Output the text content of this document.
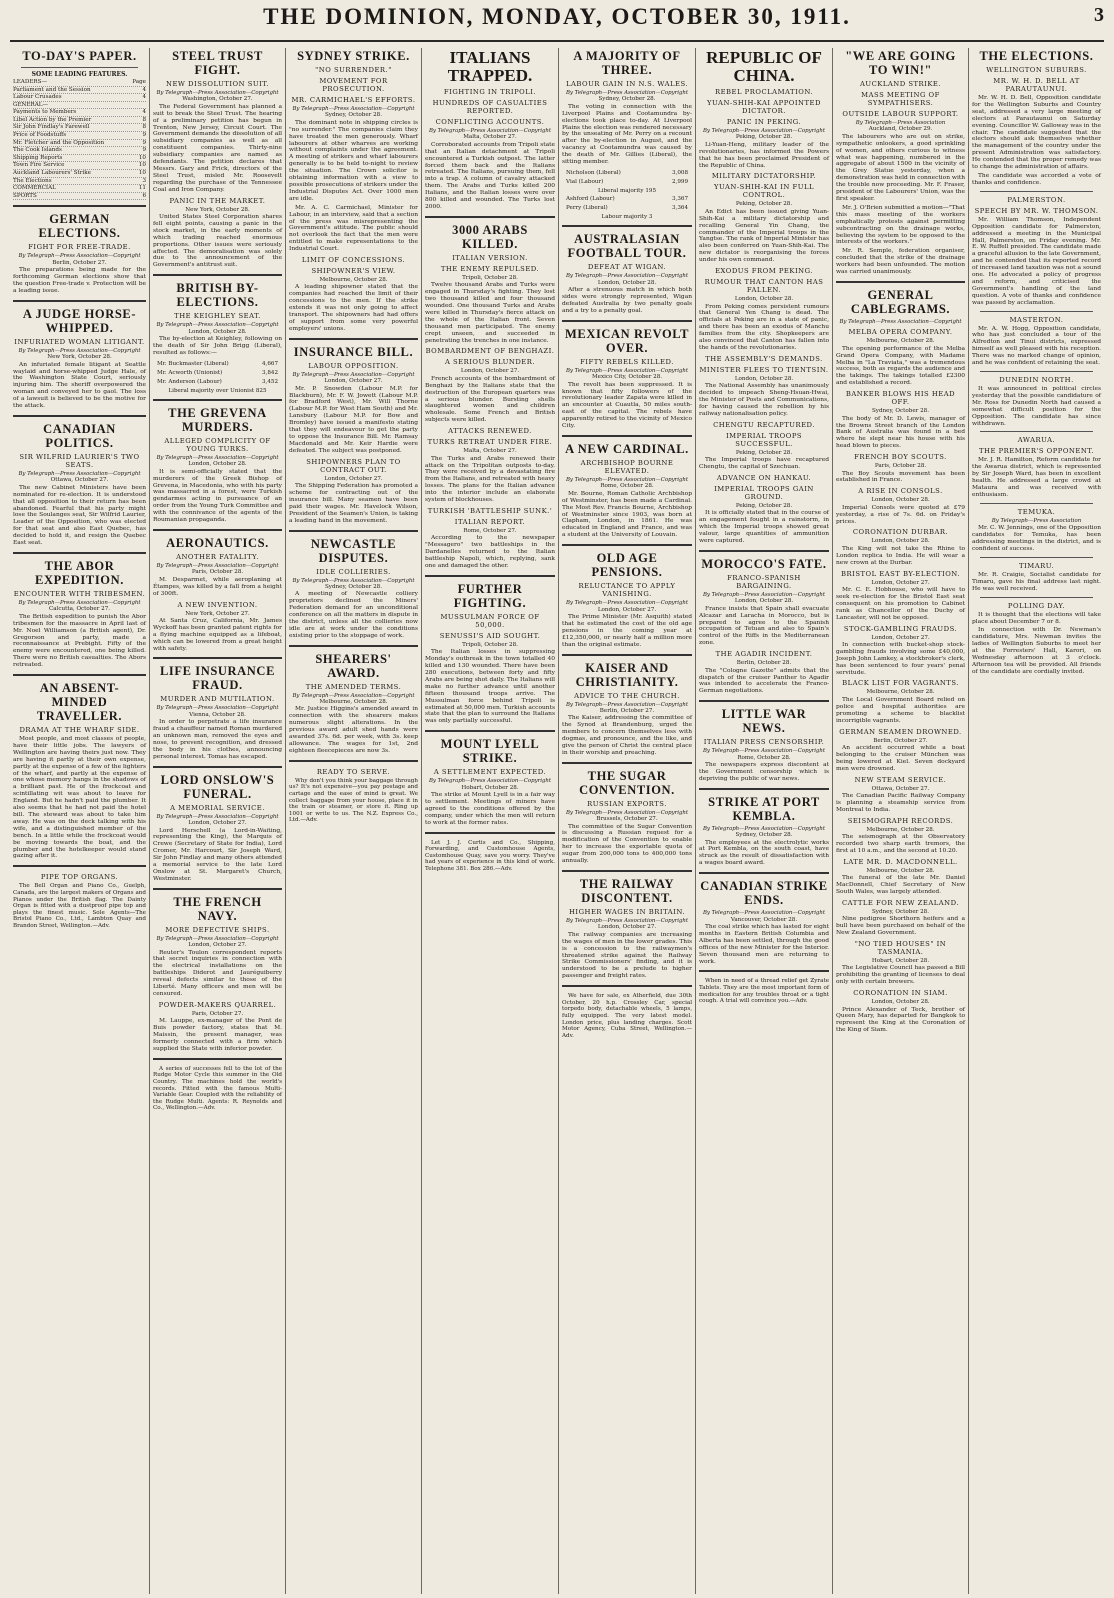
THE DOMINION, MONDAY, OCTOBER 30, 1911.	3
TO-DAY'S PAPER.
SOME LEADING FEATURES.
LEADERS—	Page
Parliament and the Session	4
Labour Crusades	4
GENERAL—
Payments to Members	4
Libel Action by the Premier	8
Sir John Findlay's Farewell	8
Price of Foodstuffs	9
Mr. Fletcher and the Opposition	9
The Cook Islands	9
Shipping Reports	10
Town Fire Service	10
Auckland Labourers' Strike	10
The Elections	3
COMMERCIAL	11
SPORTS	6
GERMAN ELECTIONS.
FIGHT FOR FREE-TRADE.
By Telegraph—Press Association—Copyright
Berlin, October 27.
The preparations being made for the forthcoming German elections show that the question Free-trade v. Protection will be a leading issue.
A JUDGE HORSE-WHIPPED.
INFURIATED WOMAN LITIGANT.
By Telegraph—Press Association—Copyright
New York, October 28.
An infuriated female litigant at Seattle waylaid and horse-whipped Judge Hale, of the Washington State Court, seriously injuring him. The sheriff overpowered the woman and conveyed her to gaol. The loss of a lawsuit is believed to be the motive for the attack.
CANADIAN POLITICS.
SIR WILFRID LAURIER'S TWO SEATS.
By Telegraph—Press Association—Copyright
Ottawa, October 27.
The new Cabinet Ministers have been nominated for re-election. It is understood that all opposition to their return has been abandoned. Fearful that his party might lose the Soulanges seat, Sir Wilfrid Laurier, Leader of the Opposition, who was elected for that seat and also East Quebec, has decided to hold it, and resign the Quebec East seat.
THE ABOR EXPEDITION.
ENCOUNTER WITH TRIBESMEN.
By Telegraph—Press Association—Copyright
Calcutta, October 27.
The British expedition to punish the Abor tribesmen for the massacre in April last of Mr. Noel Williamson (a British agent), Dr. Gregorson and party, made a reconnaissance at Prebight. Fifty of the enemy were encountered, one being killed. There were no British casualties. The Abors retreated.
AN ABSENT-MINDED TRAVELLER.
DRAMA AT THE WHARF SIDE.
Most people, and most classes of people, have their little jobs. The lawyers of Wellington are having theirs just now. They are having it partly at their own expense, partly at the expense of a few of the lighters of the wharf, and partly at the expense of one whose memory hangs in the shadows of a brilliant past. He of the frockcoat and scintillating wit was about to leave for England. But he hadn't paid the plumber. It also seems that he had not paid the hotel bill. The steward was about to take him away. He was on the deck talking with his wife, and a distinguished member of the bench. In a little while the frockcoat would be moving towards the boat, and the plumber and the hotelkeeper would stand gazing after it.
PIPE TOP ORGANS.
The Bell Organ and Piano Co., Guelph, Canada, are the largest makers of Organs and Pianos under the British flag. The Dainty Organ is fitted with a dustproof pipe top and plays the finest music. Sole Agents—The Bristol Piano Co., Ltd., Lambton Quay and Brandon Street, Wellington.—Adv.
STEEL TRUST FIGHT.
NEW DISSOLUTION SUIT.
By Telegraph—Press Association—Copyright
Washington, October 27.
The Federal Government has planned a suit to break the Steel Trust. The hearing of a preliminary petition has begun in Trenton, New Jersey, Circuit Court. The Government demands the dissolution of all subsidiary companies as well as all constituent companies. Thirty-nine subsidiary companies are named as defendants. The petition declares that Messrs. Gary and Frick, directors of the Steel Trust, misled Mr. Roosevelt regarding the purchase of the Tennessee Coal and Iron Company.
PANIC IN THE MARKET.
New York, October 28.
United States Steel Corporation shares fell eight points, causing a panic in the stock market, in the early moments of which trading reached enormous proportions. Other issues were seriously affected. The demoralisation was solely due to the announcement of the Government's antitrust suit.
BRITISH BY-ELECTIONS.
THE KEIGHLEY SEAT.
By Telegraph—Press Association—Copyright
London, October 28.
The by-election at Keighley, following on the death of Sir John Brigg (Liberal), resulted as follows:—
Mr. Buckmaster (Liberal)	4,667
Mr. Acworth (Unionist)	3,842
Mr. Anderson (Labour)	3,452
Liberal majority over Unionist 825
THE GREVENA MURDERS.
ALLEGED COMPLICITY OF YOUNG TURKS.
By Telegraph—Press Association—Copyright
London, October 28.
It is semi-officially stated that the murderers of the Greek Bishop of Grevena, in Macedonia, who with his party was massacred in a forest, were Turkish gendarmes acting in pursuance of an order from the Young Turk Committee and with the connivance of the agents of the Roumanian propaganda.
AERONAUTICS.
ANOTHER FATALITY.
By Telegraph—Press Association—Copyright
Paris, October 28.
M. Desparmet, while aeroplaning at Étampes, was killed by a fall from a height of 300ft.
A NEW INVENTION.
New York, October 27.
At Santa Cruz, California, Mr. James Wyckoff has been granted patent rights for a flying machine equipped as a lifeboat, which can be lowered from a great height with safety.
LIFE INSURANCE FRAUD.
MURDER AND MUTILATION.
By Telegraph—Press Association—Copyright
Vienna, October 28.
In order to perpetrate a life insurance fraud a chauffeur named Roman murdered an unknown man, removed the eyes and nose, to prevent recognition, and dressed the body in his clothes, announcing personal interest. Tomas has escaped.
LORD ONSLOW'S FUNERAL.
A MEMORIAL SERVICE.
By Telegraph—Press Association—Copyright
London, October 27.
Lord Herschell (a Lord-in-Waiting, representing the King), the Marquis of Crewe (Secretary of State for India), Lord Cromer, Mr. Harcourt, Sir Joseph Ward, Sir John Findlay and many others attended a memorial service to the late Lord Onslow at St. Margaret's Church, Westminster.
THE FRENCH NAVY.
MORE DEFECTIVE SHIPS.
By Telegraph—Press Association—Copyright
London, October 27.
Reuter's Toulon correspondent reports that secret inquiries in connection with the electrical installations on the battleships Diderot and Jauréguiberry reveal defects similar to those of the Liberté. Many officers and men will be censured.
POWDER-MAKERS QUARREL.
Paris, October 27.
M. Lauppe, ex-manager of the Pont de Buis powder factory, states that M. Maissin, the present manager, was formerly connected with a firm which supplied the State with inferior powder.
A series of successes fell to the lot of the Rudge Motor Cycle this summer in the Old Country. The machines hold the world's records. Fitted with the famous Multi-Variable Gear. Coupled with the reliability of the Rudge Multi. Agents: R. Reynolds and Co., Wellington.—Adv.
SYDNEY STRIKE.
"NO SURRENDER."
MOVEMENT FOR PROSECUTION.
MR. CARMICHAEL'S EFFORTS.
By Telegraph—Press Association—Copyright
Sydney, October 28.
The dominant note in shipping circles is "no surrender." The companies claim they have treated the men generously. Wharf labourers at other wharves are working without complaints under the agreement. A meeting of strikers and wharf labourers generally is to be held to-night to review the situation. The Crown solicitor is obtaining information with a view to possible prosecutions of strikers under the Industrial Disputes Act. Over 1000 men are idle.
Mr. A. C. Carmichael, Minister for Labour, in an interview, said that a section of the press was misrepresenting the Government's attitude. The public should not overlook the fact that the men were entitled to make representations to the Industrial Court.
LIMIT OF CONCESSIONS.
SHIPOWNER'S VIEW.
Melbourne, October 28.
A leading shipowner stated that the companies had reached the limit of their concessions to the men. If the strike extends it was not only going to affect transport. The shipowners had had offers of support from some very powerful employers' unions.
INSURANCE BILL.
LABOUR OPPOSITION.
By Telegraph—Press Association—Copyright
London, October 27.
Mr. P. Snowden (Labour M.P. for Blackburn), Mr. F. W. Jowett (Labour M.P. for Bradford West), Mr. Will Thorne (Labour M.P. for West Ham South) and Mr. Lansbury (Labour M.P. for Bow and Bromley) have issued a manifesto stating that they will endeavour to get the party to oppose the Insurance Bill. Mr. Ramsay Macdonald and Mr. Keir Hardie were defeated. The subject was postponed.
SHIPOWNERS PLAN TO CONTRACT OUT.
London, October 27.
The Shipping Federation has promoted a scheme for contracting out of the insurance bill. Many seamen have been paid their wages. Mr. Havelock Wilson, President of the Seamen's Union, is taking a leading hand in the movement.
NEWCASTLE DISPUTES.
IDLE COLLIERIES.
By Telegraph—Press Association—Copyright
Sydney, October 28.
A meeting of Newcastle colliery proprietors declined the Miners' Federation demand for an unconditional conference on all the matters in dispute in the district, unless all the collieries now idle are at work under the conditions existing prior to the stoppage of work.
SHEARERS' AWARD.
THE AMENDED TERMS.
By Telegraph—Press Association—Copyright
Melbourne, October 28.
Mr. Justice Higgins's amended award in connection with the shearers makes numerous slight alterations. In the previous award adult shed hands were awarded 37s. 6d. per week, with 3s. keep allowance. The wages for 1st, 2nd eighteen fleecepieces are now 3s.
READY TO SERVE.
Why don't you think your baggage through us? It's not expensive—you pay postage and cartage and the ease of mind is great. We collect baggage from your house, place it in the train or steamer, or store it. Ring up 1001 or write to us. The N.Z. Express Co., Ltd.—Adv.
ITALIANS TRAPPED.
FIGHTING IN TRIPOLI.
HUNDREDS OF CASUALTIES REPORTED.
CONFLICTING ACCOUNTS.
By Telegraph—Press Association—Copyright
Malta, October 27.
Corroborated accounts from Tripoli state that an Italian detachment at Tripoli encountered a Turkish outpost. The latter forced them back and the Italians retreated. The Italians, pursuing them, fell into a trap. A column of cavalry attacked them. The Arabs and Turks killed 200 Italians, and the Italian losses were over 800 killed and wounded. The Turks lost 2000.
3000 ARABS KILLED.
ITALIAN VERSION.
THE ENEMY REPULSED.
Tripoli, October 28.
Twelve thousand Arabs and Turks were engaged in Thursday's fighting. They lost two thousand killed and four thousand wounded. One thousand Turks and Arabs were killed in Thursday's fierce attack on the whole of the Italian front. Seven thousand men participated. The enemy crept unseen, and succeeded in penetrating the trenches in one instance.
BOMBARDMENT OF BENGHAZI.
A SERIOUS BLUNDER.
London, October 27.
French accounts of the bombardment of Benghazi by the Italians state that the destruction of the European quarters was a serious blunder. Bursting shells slaughtered women and children wholesale. Some French and British subjects were killed.
ATTACKS RENEWED.
TURKS RETREAT UNDER FIRE.
Malta, October 27.
The Turks and Arabs renewed their attack on the Tripolitan outposts to-day. They were received by a devastating fire from the Italians, and retreated with heavy losses. The plans for the Italian advance into the interior include an elaborate system of blockhouses.
TURKISH 'BATTLESHIP SUNK.'
ITALIAN REPORT.
Rome, October 27.
According to the newspaper "Messagero" two battleships in the Dardanelles returned to the Italian battleship Napoli, which, replying, sank one and damaged the other.
FURTHER FIGHTING.
MUSSULMAN FORCE OF 50,000.
SENUSSI'S AID SOUGHT.
Tripoli, October 28.
The Italian losses in suppressing Monday's outbreak in the town totalled 40 killed and 130 wounded. There have been 280 executions, between forty and fifty Arabs are being shot daily. The Italians will make no further advance until another fifteen thousand troops arrive. The Mussulman force behind Tripoli is estimated at 50,000 men. Turkish accounts state that the plan to surround the Italians was only partially successful.
MOUNT LYELL STRIKE.
A SETTLEMENT EXPECTED.
By Telegraph—Press Association—Copyright
Hobart, October 28.
The strike at Mount Lyell is in a fair way to settlement. Meetings of miners have agreed to the conditions offered by the company, under which the men will return to work at the former rates.
Let J. J. Curtis and Co., Shipping, Forwarding, and Customhouse Agents, Customhouse Quay, save you worry. They've had years of experience in this kind of work. Telephone 381. Box 286.—Adv.
A MAJORITY OF THREE.
LABOUR GAIN IN N.S. WALES.
By Telegraph—Press Association—Copyright
Sydney, October 28.
The voting in connection with the Liverpool Plains and Cootamundra by-elections took place to-day. At Liverpool Plains the election was rendered necessary by the unseating of Mr. Perry on a recount after the by-election in August, and the vacancy at Cootamundra was caused by the death of Mr. Gillies (Liberal), the sitting member.
Nicholson (Liberal)	3,008
Vial (Labour)	2,999
Liberal majority 195
Ashford (Labour)	3,367
Perry (Liberal)	3,364
Labour majority 3
AUSTRALASIAN FOOTBALL TOUR.
DEFEAT AT WIGAN.
By Telegraph—Press Association—Copyright
London, October 28.
After a strenuous match in which both sides were strongly represented, Wigan defeated Australia by two penalty goals and a try to a penalty goal.
MEXICAN REVOLT OVER.
FIFTY REBELS KILLED.
By Telegraph—Press Association—Copyright
Mexico City, October 28.
The revolt has been suppressed. It is known that fifty followers of the revolutionary leader Zapata were killed in an encounter at Cuautla, 50 miles south-east of the capital. The rebels have apparently retired to the vicinity of Mexico City.
A NEW CARDINAL.
ARCHBISHOP BOURNE ELEVATED.
By Telegraph—Press Association—Copyright
Rome, October 28.
Mr. Bourne, Roman Catholic Archbishop of Westminster, has been made a Cardinal. The Most Rev. Francis Bourne, Archbishop of Westminster since 1903, was born at Clapham, London, in 1861. He was educated in England and France, and was a student at the University of Louvain.
OLD AGE PENSIONS.
RELUCTANCE TO APPLY VANISHING.
By Telegraph—Press Association—Copyright
London, October 27.
The Prime Minister (Mr. Asquith) stated that he estimated the cost of the old age pensions in the coming year at £12,350,000, or nearly half a million more than the original estimate.
KAISER AND CHRISTIANITY.
ADVICE TO THE CHURCH.
By Telegraph—Press Association—Copyright
Berlin, October 27.
The Kaiser, addressing the committee of the Synod at Brandenburg, urged the members to concern themselves less with dogmas, and pronounce, and the like, and give the person of Christ the central place in their worship and preaching.
THE SUGAR CONVENTION.
RUSSIAN EXPORTS.
By Telegraph—Press Association—Copyright
Brussels, October 27.
The committee of the Sugar Convention is discussing a Russian request for a modification of the Convention to enable her to increase the exportable quota of sugar from 200,000 tons to 400,000 tons annually.
THE RAILWAY DISCONTENT.
HIGHER WAGES IN BRITAIN.
By Telegraph—Press Association—Copyright
London, October 27.
The railway companies are increasing the wages of men in the lower grades. This is a concession to the railwaymen's threatened strike against the Railway Strike Commissioners' finding, and it is understood to be a prelude to higher passenger and freight rates.
We have for sale, ex Atherfield, due 30th October, 20 h.p. Crossley Car, special torpedo body, detachable wheels, 5 lamps, fully equipped. The very latest model. London price, plus landing charges. Scott Motor Agency, Cuba Street, Wellington.—Adv.
REPUBLIC OF CHINA.
REBEL PROCLAMATION.
YUAN-SHIH-KAI APPOINTED DICTATOR.
PANIC IN PEKING.
By Telegraph—Press Association—Copyright
Peking, October 28.
Li-Yuan-Heng, military leader of the revolutionaries, has informed the Powers that he has been proclaimed President of the Republic of China.
MILITARY DICTATORSHIP.
YUAN-SHIH-KAI IN FULL CONTROL.
Peking, October 28.
An Edict has been issued giving Yuan-Shih-Kai a military dictatorship and recalling General Yin Chang, the commander of the Imperial troops in the Yangtse. The rank of Imperial Minister has also been conferred on Yuan-Shih-Kai. The new dictator is reorganising the forces under his own command.
EXODUS FROM PEKING.
RUMOUR THAT CANTON HAS FALLEN.
London, October 28.
From Peking comes persistent rumours that General Yen Chang is dead. The officials at Peking are in a state of panic, and there has been an exodus of Manchu families from the city. Shopkeepers are also convinced that Canton has fallen into the hands of the revolutionaries.
THE ASSEMBLY'S DEMANDS.
MINISTER FLEES TO TIENTSIN.
London, October 28.
The National Assembly has unanimously decided to impeach Sheng-Hsuan-Hwai, the Minister of Posts and Communications, for having caused the rebellion by his railway nationalisation policy.
CHENGTU RECAPTURED.
IMPERIAL TROOPS SUCCESSFUL.
Peking, October 28.
The Imperial troops have recaptured Chengtu, the capital of Szechuan.
ADVANCE ON HANKAU.
IMPERIAL TROOPS GAIN GROUND.
Peking, October 28.
It is officially stated that in the course of an engagement fought in a rainstorm, in which the Imperial troops showed great valour, large quantities of ammunition were captured.
MOROCCO'S FATE.
FRANCO-SPANISH BARGAINING.
By Telegraph—Press Association—Copyright
London, October 28.
France insists that Spain shall evacuate Alcazar and Laracha in Morocco, but is prepared to agree to the Spanish occupation of Tetuan and also to Spain's control of the Riffs in the Mediterranean zone.
THE AGADIR INCIDENT.
Berlin, October 28.
The "Cologne Gazette" admits that the dispatch of the cruiser Panther to Agadir was intended to accelerate the Franco-German negotiations.
LITTLE WAR NEWS.
ITALIAN PRESS CENSORSHIP.
By Telegraph—Press Association—Copyright
Rome, October 28.
The newspapers express discontent at the Government censorship which is depriving the public of war news.
STRIKE AT PORT KEMBLA.
By Telegraph—Press Association—Copyright
Sydney, October 28.
The employees at the electrolytic works at Port Kembla, on the south coast, have struck as the result of dissatisfaction with a wages board award.
CANADIAN STRIKE ENDS.
By Telegraph—Press Association—Copyright
Vancouver, October 28.
The coal strike which has lasted for eight months in Eastern British Columbia and Alberta has been settled, through the good offices of the new Minister for the Interior. Seven thousand men are returning to work.
When in need of a thread relief get Zyrate Tablets. They are the most important form of medication for any troubles throat or a tight cough. A trial will convince you.—Adv.
"WE ARE GOING TO WIN!"
AUCKLAND STRIKE.
MASS MEETING OF SYMPATHISERS.
OUTSIDE LABOUR SUPPORT.
By Telegraph—Press Association
Auckland, October 29.
The labourers who are out on strike, sympathetic onlookers, a good sprinkling of women, and others curious to witness what was happening, numbered in the aggregate of about 1500 in the vicinity of the Grey Statue yesterday, when a demonstration was held in connection with the trouble now proceeding. Mr. F. Fraser, president of the Labourers' Union, was the first speaker.
Mr. J. O'Brien submitted a motion—"That this mass meeting of the workers emphatically protests against permitting subcontracting on the drainage works, believing the system to be opposed to the interests of the workers."
Mr. R. Semple, federation organiser, concluded that the strike of the drainage workers had been unfounded. The motion was carried unanimously.
GENERAL CABLEGRAMS.
By Telegraph—Press Association—Copyright
MELBA OPERA COMPANY.
Melbourne, October 28.
The opening performance of the Melba Grand Opera Company, with Madame Melba in "La Traviata," was a tremendous success, both as regards the audience and the takings. The takings totalled £2300 and established a record.
BANKER BLOWS HIS HEAD OFF.
Sydney, October 28.
The body of Mr. D. Lewis, manager of the Browns Street branch of the London Bank of Australia was found in a bed where he slept near his house with his head blown to pieces.
FRENCH BOY SCOUTS.
Paris, October 28.
The Boy Scouts movement has been established in France.
A RISE IN CONSOLS.
London, October 28.
Imperial Consols were quoted at £79 yesterday, a rise of 7s. 6d. on Friday's prices.
CORONATION DURBAR.
London, October 28.
The King will not take the Rhine to London replica to India. He will wear a new crown at the Durbar.
BRISTOL EAST BY-ELECTION.
London, October 27.
Mr. C. E. Hobhouse, who will have to seek re-election for the Bristol East seat consequent on his promotion to Cabinet rank as Chancellor of the Duchy of Lancaster, will not be opposed.
STOCK-GAMBLING FRAUDS.
London, October 27.
In connection with bucket-shop stock-gambling frauds involving some £40,000, Joseph John Lamkey, a stockbroker's clerk, has been sentenced to four years' penal servitude.
BLACK LIST FOR VAGRANTS.
Melbourne, October 28.
The Local Government Board relied on police and hospital authorities are promoting a scheme to blacklist incorrigible vagrants.
GERMAN SEAMEN DROWNED.
Berlin, October 27.
An accident occurred while a boat belonging to the cruiser München was being lowered at Kiel. Seven dockyard men were drowned.
NEW STEAM SERVICE.
Ottawa, October 27.
The Canadian Pacific Railway Company is planning a steamship service from Montreal to India.
SEISMOGRAPH RECORDS.
Melbourne, October 28.
The seismograph at the Observatory recorded two sharp earth tremors, the first at 10 a.m., and the second at 10.20.
LATE MR. D. MACDONNELL.
Melbourne, October 28.
The funeral of the late Mr. Daniel MacDonnell, Chief Secretary of New South Wales, was largely attended.
CATTLE FOR NEW ZEALAND.
Sydney, October 28.
Nine pedigree Shorthorn heifers and a bull have been purchased on behalf of the New Zealand Government.
"NO TIED HOUSES" IN TASMANIA.
Hobart, October 28.
The Legislative Council has passed a Bill prohibiting the granting of licenses to deal only with certain brewers.
CORONATION IN SIAM.
London, October 28.
Prince Alexander of Teck, brother of Queen Mary, has departed for Bangkok to represent the King at the Coronation of the King of Siam.
THE ELECTIONS.
WELLINGTON SUBURBS.
MR. W. H. D. BELL AT PARAUTAUNUI.
Mr. W. H. D. Bell, Opposition candidate for the Wellington Suburbs and Country seat, addressed a very large meeting of electors at Parautaunui on Saturday evening. Councillor W. Galloway was in the chair. The candidate suggested that the electors should ask themselves whether the management of the country under the present Administration was satisfactory. He contended that the proper remedy was to change the administration of affairs.
The candidate was accorded a vote of thanks and confidence.
PALMERSTON.
SPEECH BY MR. W. THOMSON.
Mr. William Thomson, Independent Opposition candidate for Palmerston, addressed a meeting in the Municipal Hall, Palmerston, on Friday evening. Mr. E. W. Ruffell presided. The candidate made a graceful allusion to the late Government, and he contended that its reported record of increased land taxation was not a sound one. He advocated a policy of progress and reform, and criticised the Government's handling of the land question. A vote of thanks and confidence was passed by acclamation.
MASTERTON.
Mr. A. W. Hogg, Opposition candidate, who has just concluded a tour of the Alfredton and Tinui districts, expressed himself as well pleased with his reception. There was no marked change of opinion, and he was confident of retaining the seat.
DUNEDIN NORTH.
It was announced in political circles yesterday that the possible candidature of Mr. Ross for Dunedin North had caused a somewhat difficult position for the Opposition. The candidate has since withdrawn.
AWARUA.
THE PREMIER'S OPPONENT.
Mr. J. R. Hamilton, Reform candidate for the Awarua district, which is represented by Sir Joseph Ward, has been in excellent health. He addressed a large crowd at Mataura and was received with enthusiasm.
TEMUKA.
By Telegraph—Press Association
Mr. C. W. Jennings, one of the Opposition candidates for Temuka, has been addressing meetings in the district, and is confident of success.
TIMARU.
Mr. R. Craigie, Socialist candidate for Timaru, gave his final address last night. He was well received.
POLLING DAY.
It is thought that the elections will take place about December 7 or 8.
In connection with Dr. Newman's candidature, Mrs. Newman invites the ladies of Wellington Suburbs to meet her at the Forresters' Hall, Karori, on Wednesday afternoon at 3 o'clock. Afternoon tea will be provided. All friends of the candidate are cordially invited.
